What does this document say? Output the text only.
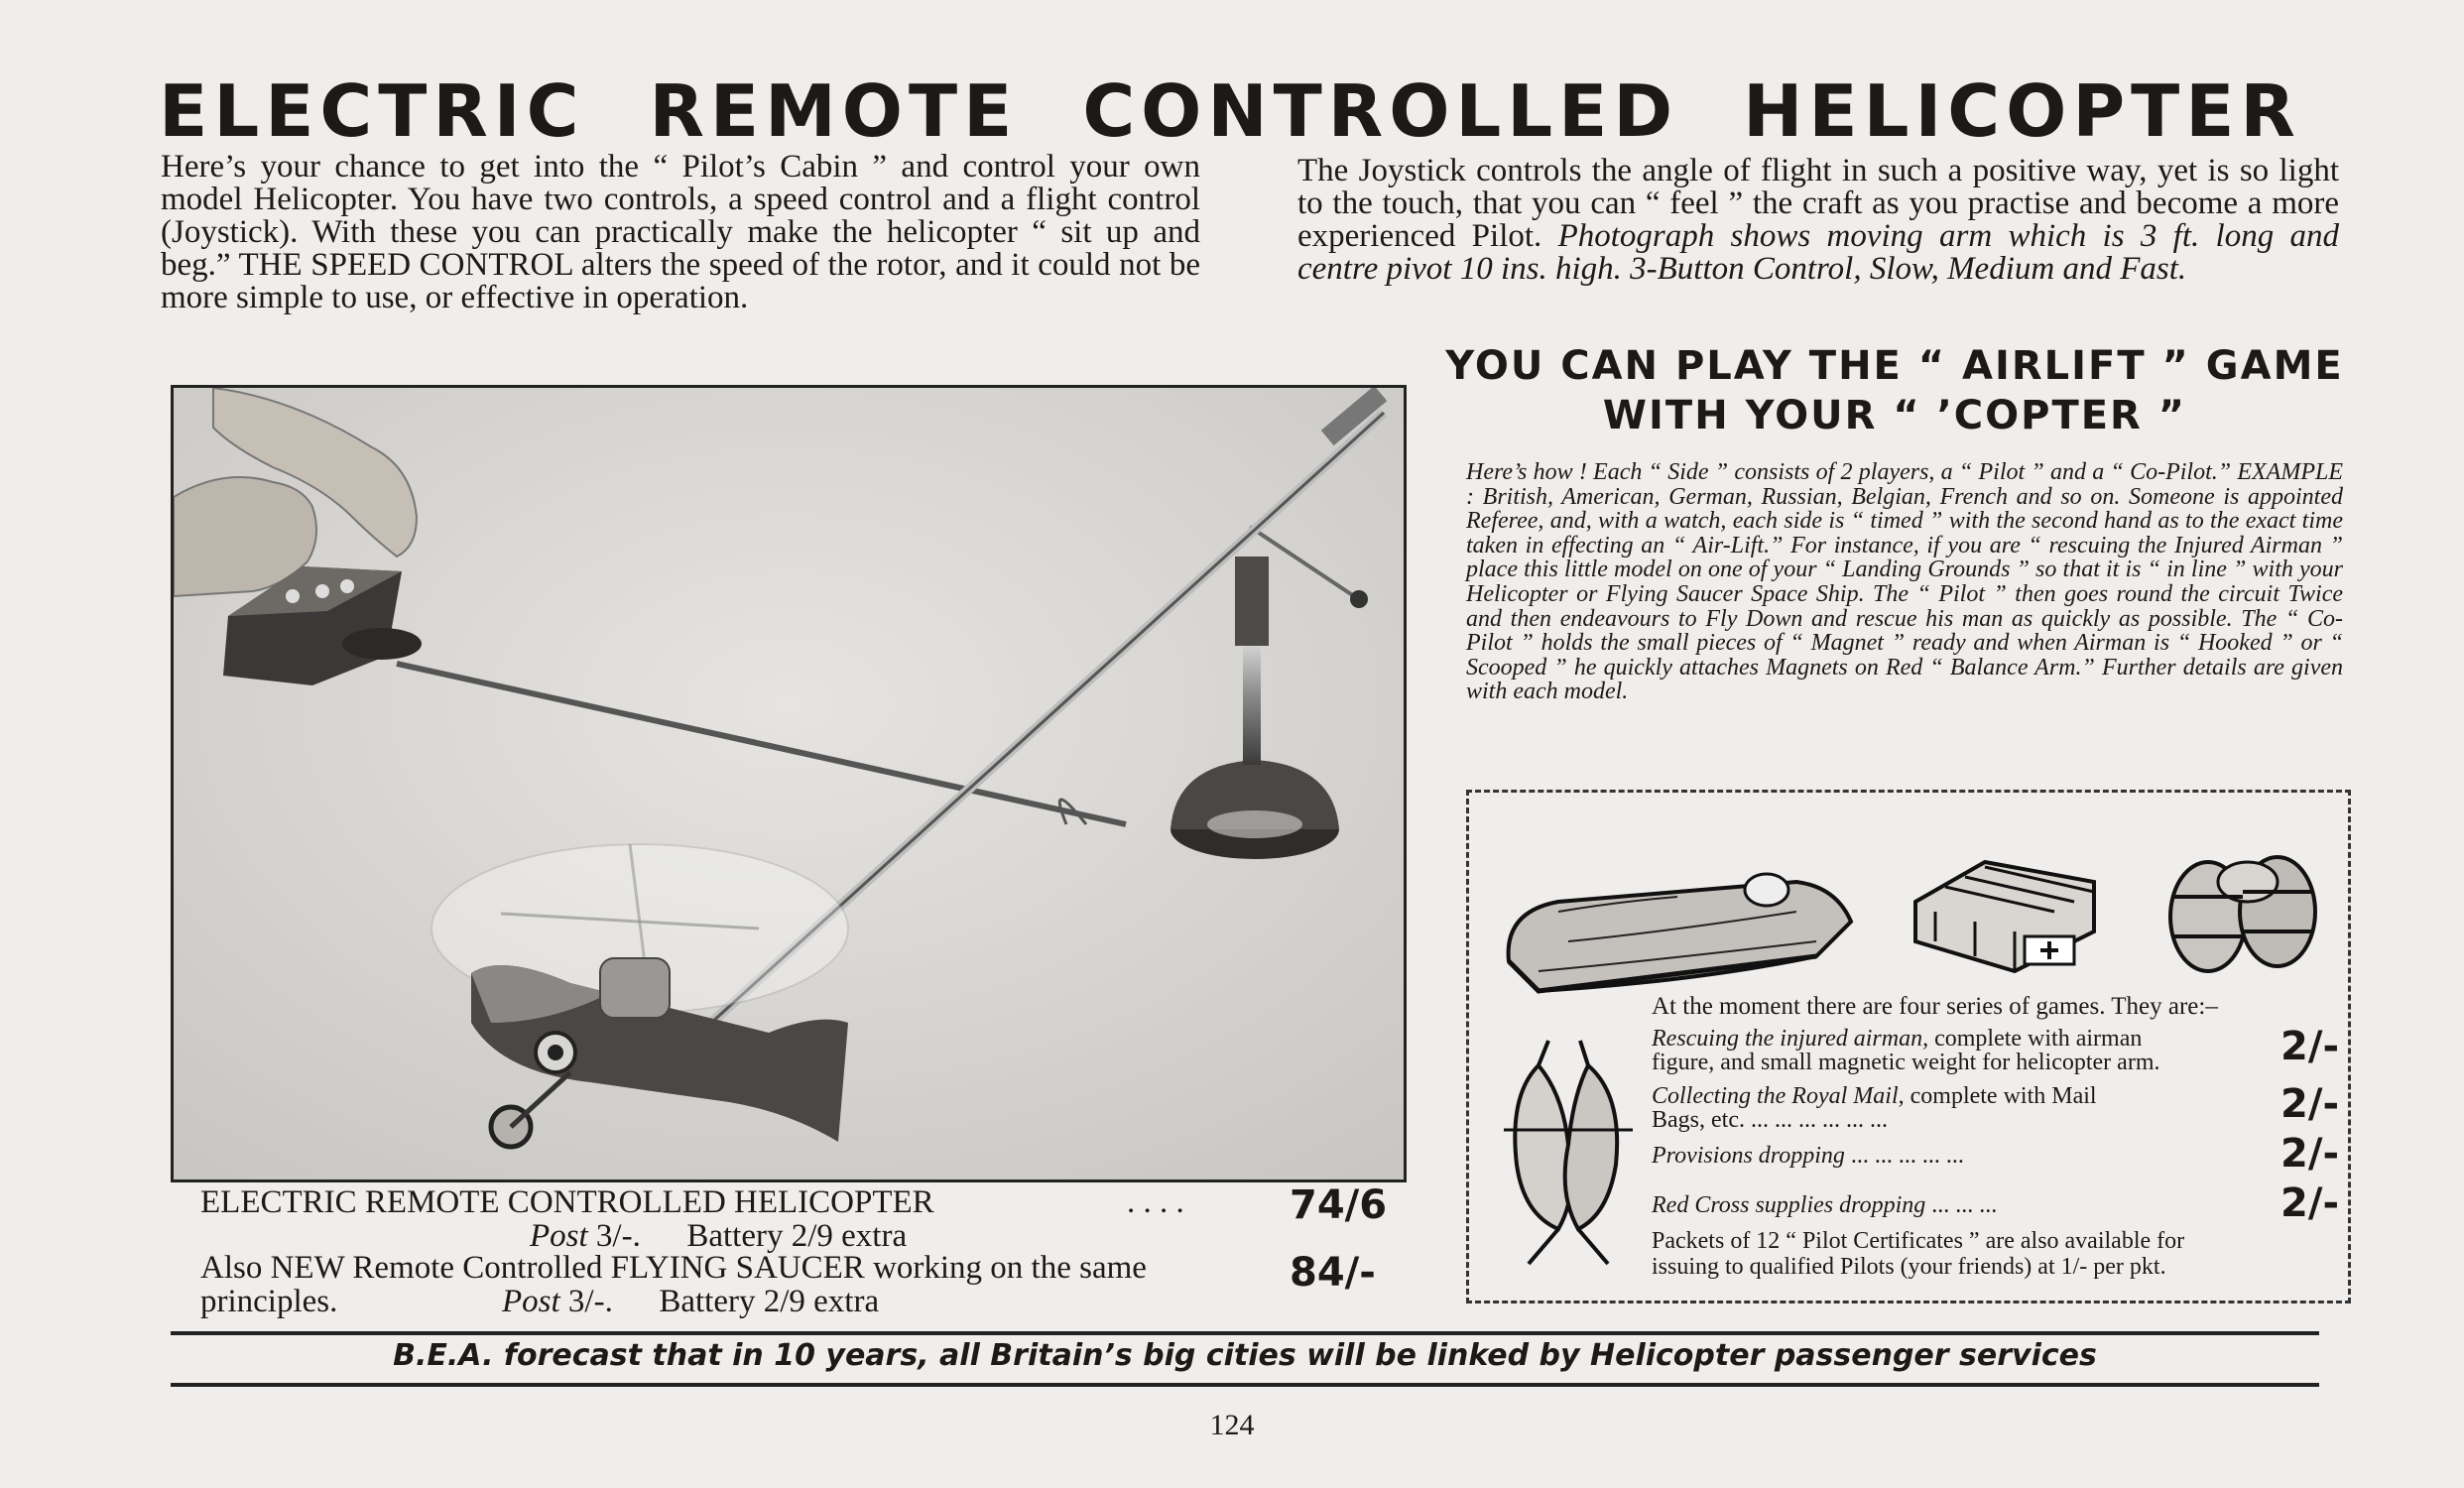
ELECTRIC REMOTE CONTROLLED HELICOPTER
Here’s your chance to get into the “ Pilot’s Cabin ” and control your own model Helicopter. You have two controls, a speed control and a flight control (Joystick). With these you can practically make the helicopter “ sit up and beg.” THE SPEED CONTROL alters the speed of the rotor, and it could not be more simple to use, or effective in operation.
The Joystick controls the angle of flight in such a positive way, yet is so light to the touch, that you can “ feel ” the craft as you practise and become a more experienced Pilot. Photograph shows moving arm which is 3 ft. long and centre pivot 10 ins. high. 3-Button Control, Slow, Medium and Fast.
ELECTRIC REMOTE CONTROLLED HELICOPTER	. . . .	74/6
Post 3/-. Battery 2/9 extra
Also NEW Remote Controlled FLYING SAUCER working on the same	84/-
principles.	Post 3/-. Battery 2/9 extra
YOU CAN PLAY THE “ AIRLIFT ” GAME
WITH YOUR “ ’COPTER ”
Here’s how ! Each “ Side ” consists of 2 players, a “ Pilot ” and a “ Co-Pilot.” EXAMPLE : British, American, German, Russian, Belgian, French and so on. Someone is appointed Referee, and, with a watch, each side is “ timed ” with the second hand as to the exact time taken in effecting an “ Air-Lift.” For instance, if you are “ rescuing the Injured Airman ” place this little model on one of your “ Landing Grounds ” so that it is “ in line ” with your Helicopter or Flying Saucer Space Ship. The “ Pilot ” then goes round the circuit Twice and then endeavours to Fly Down and rescue his man as quickly as possible. The “ Co-Pilot ” holds the small pieces of “ Magnet ” ready and when Airman is “ Hooked ” or “ Scooped ” he quickly attaches Magnets on Red “ Balance Arm.” Further details are given with each model.
At the moment there are four series of games. They are:–
Rescuing the injured airman, complete with airman
figure, and small magnetic weight for helicopter arm.	2/-
Collecting the Royal Mail, complete with Mail
Bags, etc. ... ... ... ... ... ...	2/-
Provisions dropping ... ... ... ... ...	2/-
Red Cross supplies dropping ... ... ...	2/-
Packets of 12 “ Pilot Certificates ” are also available for
issuing to qualified Pilots (your friends) at 1/- per pkt.
B.E.A. forecast that in 10 years, all Britain’s big cities will be linked by Helicopter passenger services
124
